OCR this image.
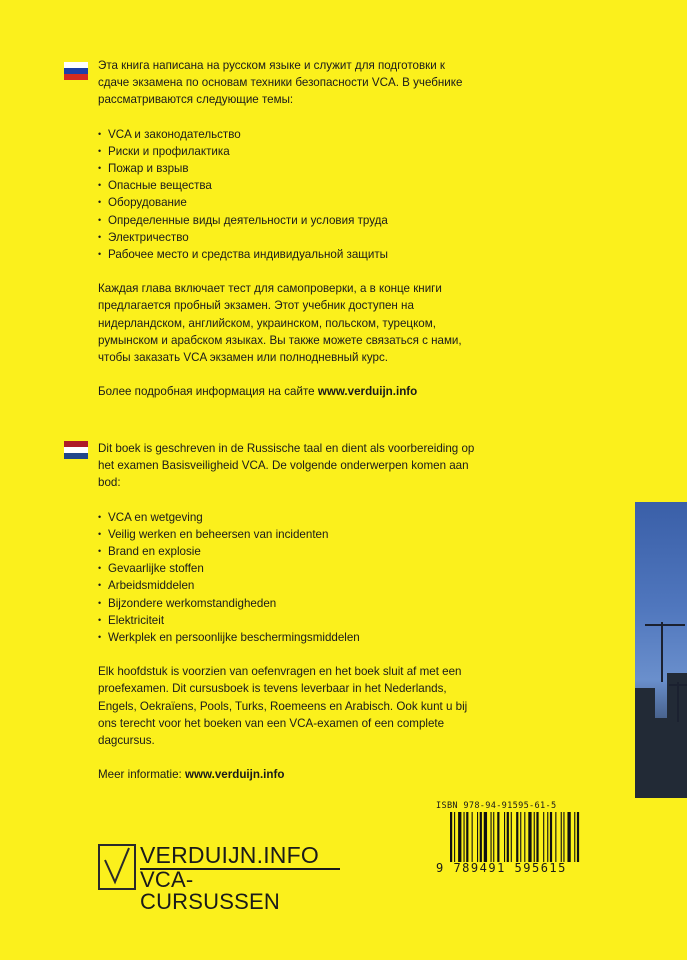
Эта книга написана на русском языке и служит для подготовки к сдаче экзамена по основам техники безопасности VCA. В учебнике рассматриваются следующие темы:

• VCA и законодательство
• Риски и профилактика
• Пожар и взрыв
• Опасные вещества
• Оборудование
• Определенные виды деятельности и условия труда
• Электричество
• Рабочее место и средства индивидуальной защиты

Каждая глава включает тест для самопроверки, а в конце книги предлагается пробный экзамен. Этот учебник доступен на нидерландском, английском, украинском, польском, турецком, румынском и арабском языках. Вы также можете связаться с нами, чтобы заказать VCA экзамен или полнодневный курс.

Более подробная информация на сайте www.verduijn.info

Dit boek is geschreven in de Russische taal en dient als voorbereiding op het examen Basisveiligheid VCA. De volgende onderwerpen komen aan bod:

• VCA en wetgeving
• Veilig werken en beheersen van incidenten
• Brand en explosie
• Gevaarlijke stoffen
• Arbeidsmiddelen
• Bijzondere werkomstandigheden
• Elektriciteit
• Werkplek en persoonlijke beschermingsmiddelen

Elk hoofdstuk is voorzien van oefenvragen en het boek sluit af met een proefexamen. Dit cursusboek is tevens leverbaar in het Nederlands, Engels, Oekraïens, Pools, Turks, Roemeens en Arabisch. Ook kunt u bij ons terecht voor het boeken van een VCA-examen of een complete dagcursus.

Meer informatie: www.verduijn.info

ISBN 978-94-91595-61-5
9 789491 595615
VERDUIJN.INFO
VCA-CURSUSSEN
